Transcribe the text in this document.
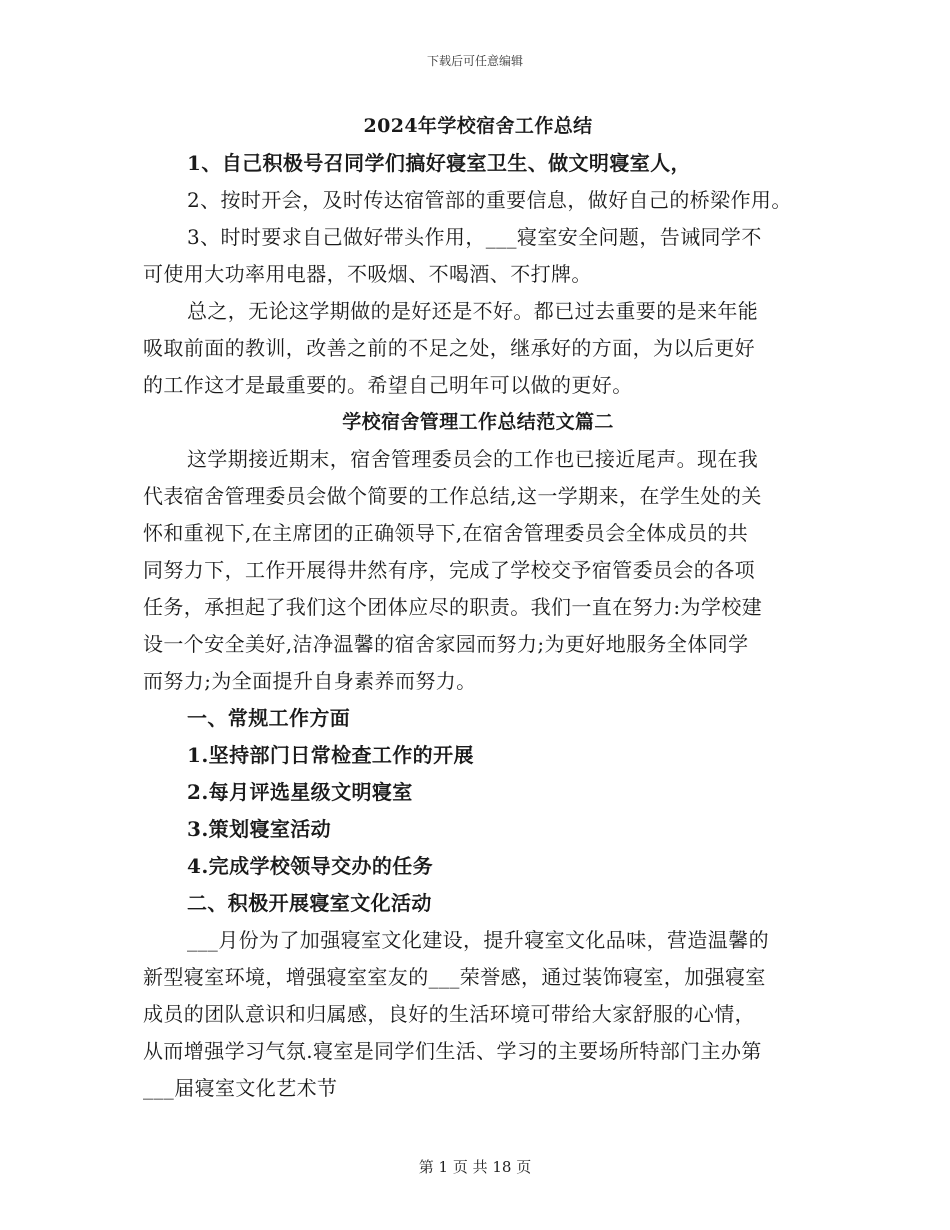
下载后可任意编辑
2024年学校宿舍工作总结
1、自己积极号召同学们搞好寝室卫生、做文明寝室人，
2、按时开会，及时传达宿管部的重要信息，做好自己的桥梁作用。
3、时时要求自己做好带头作用，___寝室安全问题，告诫同学不
可使用大功率用电器，不吸烟、不喝酒、不打牌。
总之，无论这学期做的是好还是不好。都已过去重要的是来年能
吸取前面的教训，改善之前的不足之处，继承好的方面，为以后更好
的工作这才是最重要的。希望自己明年可以做的更好。
学校宿舍管理工作总结范文篇二
这学期接近期末，宿舍管理委员会的工作也已接近尾声。现在我
代表宿舍管理委员会做个简要的工作总结,这一学期来，在学生处的关
怀和重视下,在主席团的正确领导下,在宿舍管理委员会全体成员的共
同努力下，工作开展得井然有序，完成了学校交予宿管委员会的各项
任务，承担起了我们这个团体应尽的职责。我们一直在努力:为学校建
设一个安全美好,洁净温馨的宿舍家园而努力;为更好地服务全体同学
而努力;为全面提升自身素养而努力。
一、常规工作方面
1.坚持部门日常检查工作的开展
2.每月评选星级文明寝室
3.策划寝室活动
4.完成学校领导交办的任务
二、积极开展寝室文化活动
___月份为了加强寝室文化建设，提升寝室文化品味，营造温馨的
新型寝室环境，增强寝室室友的___荣誉感，通过装饰寝室，加强寝室
成员的团队意识和归属感，良好的生活环境可带给大家舒服的心情，
从而增强学习气氛.寝室是同学们生活、学习的主要场所特部门主办第
___届寝室文化艺术节
第 1 页 共 18 页
